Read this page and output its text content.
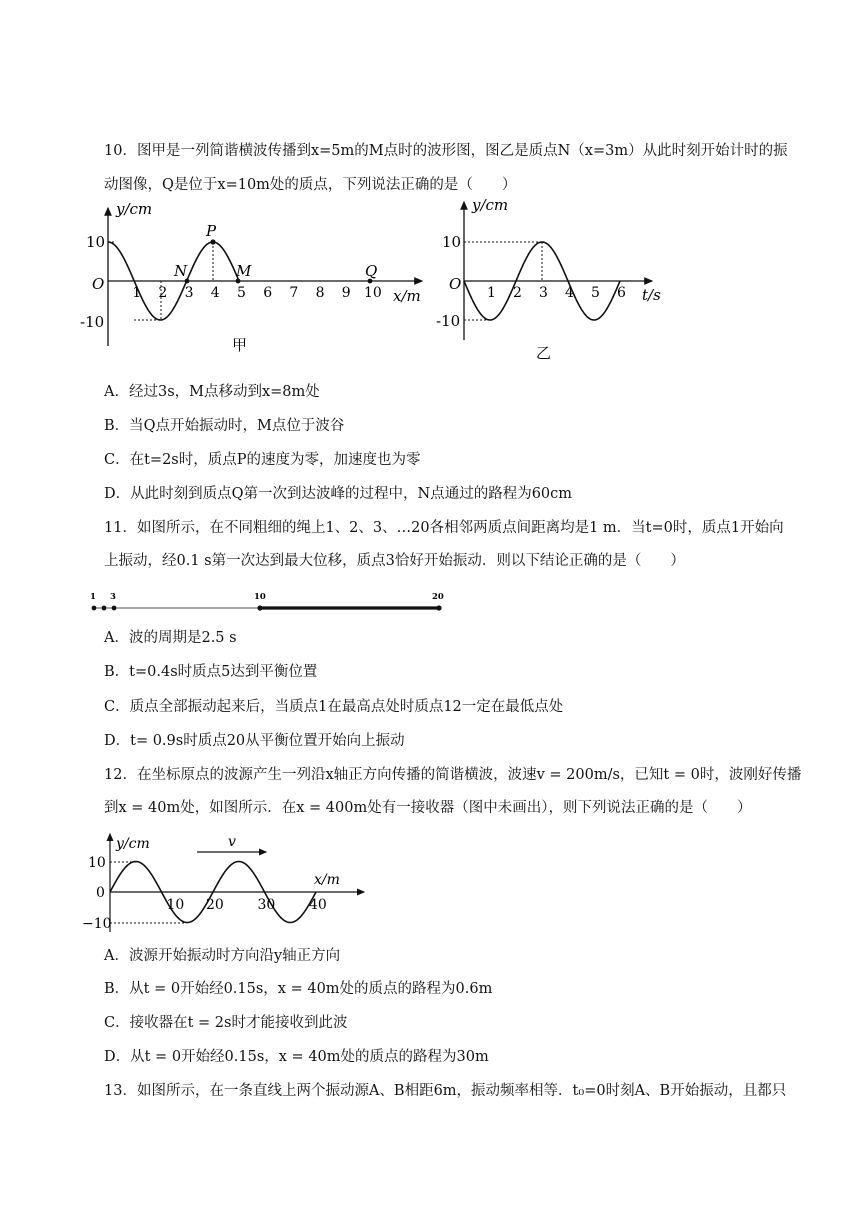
10．图甲是一列简谐横波传播到x=5m的M点时的波形图，图乙是质点N（x=3m）从此时刻开始计时的振
动图像，Q是位于x=10m处的质点，下列说法正确的是（　　）
y/cm
10
-10
O
N
P
M	Q
x/m
甲
1 2 3 4 5 6 7 8 9 10
y/cm
10
-10
O
t/s
乙
1 2 3 4 5 6
A．经过3s，M点移动到x=8m处
B．当Q点开始振动时，M点位于波谷
C．在t=2s时，质点P的速度为零，加速度也为零
D．从此时刻到质点Q第一次到达波峰的过程中，N点通过的路程为60cm
11．如图所示，在不同粗细的绳上1、2、3、…20各相邻两质点间距离均是1 m．当t=0时，质点1开始向
上振动，经0.1 s第一次达到最大位移，质点3恰好开始振动．则以下结论正确的是（　　）
1 3	10	20
A．波的周期是2.5 s
B．t=0.4s时质点5达到平衡位置
C．质点全部振动起来后，当质点1在最高点处时质点12一定在最低点处
D．t= 0.9s时质点20从平衡位置开始向上振动
12．在坐标原点的波源产生一列沿x轴正方向传播的简谐横波，波速v = 200m/s，已知t = 0时，波刚好传播
到x = 40m处，如图所示．在x = 400m处有一接收器（图中未画出），则下列说法正确的是（　　）
y/cm	v
x/m
10
0
−10
10 20 30 40
A．波源开始振动时方向沿y轴正方向
B．从t = 0开始经0.15s，x = 40m处的质点的路程为0.6m
C．接收器在t = 2s时才能接收到此波
D．从t = 0开始经0.15s，x = 40m处的质点的路程为30m
13．如图所示，在一条直线上两个振动源A、B相距6m，振动频率相等．t₀=0时刻A、B开始振动，且都只
